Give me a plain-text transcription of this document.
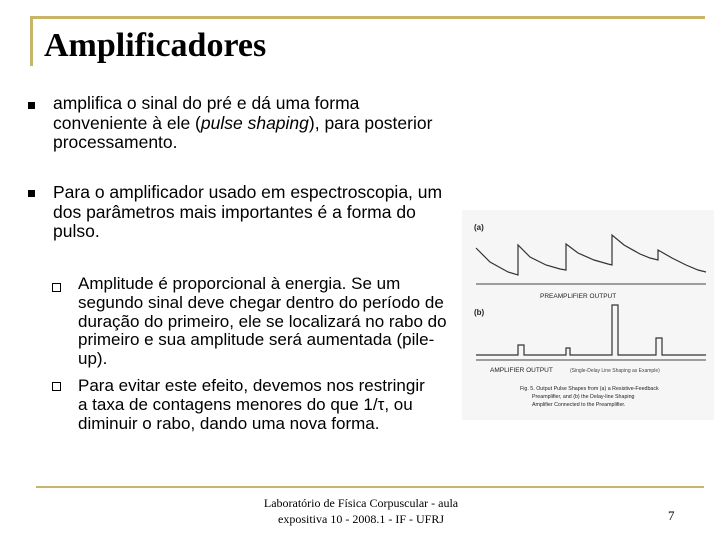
Amplificadores
amplifica o sinal do pré e dá uma forma conveniente à ele (pulse shaping), para posterior processamento.
Para o amplificador usado em espectroscopia, um dos parâmetros mais importantes é a forma do pulso.
Amplitude é proporcional à energia. Se um segundo sinal deve chegar dentro do período de duração do primeiro, ele se localizará no rabo do primeiro e sua amplitude será aumentada (pile-up).
Para evitar este efeito, devemos nos restringir a taxa de contagens menores do que 1/τ, ou diminuir o rabo, dando uma nova forma.
(a)
PREAMPLIFIER OUTPUT
(b)
AMPLIFIER OUTPUT	(Single-Delay Line Shaping as Example)
Fig. 5. Output Pulse Shapes from (a) a Resistive-Feedback
Preamplifier, and (b) the Delay-line Shaping
Amplifier Connected to the Preamplifier.
Laboratório de Física Corpuscular - aula
expositiva 10 - 2008.1 - IF - UFRJ	7
